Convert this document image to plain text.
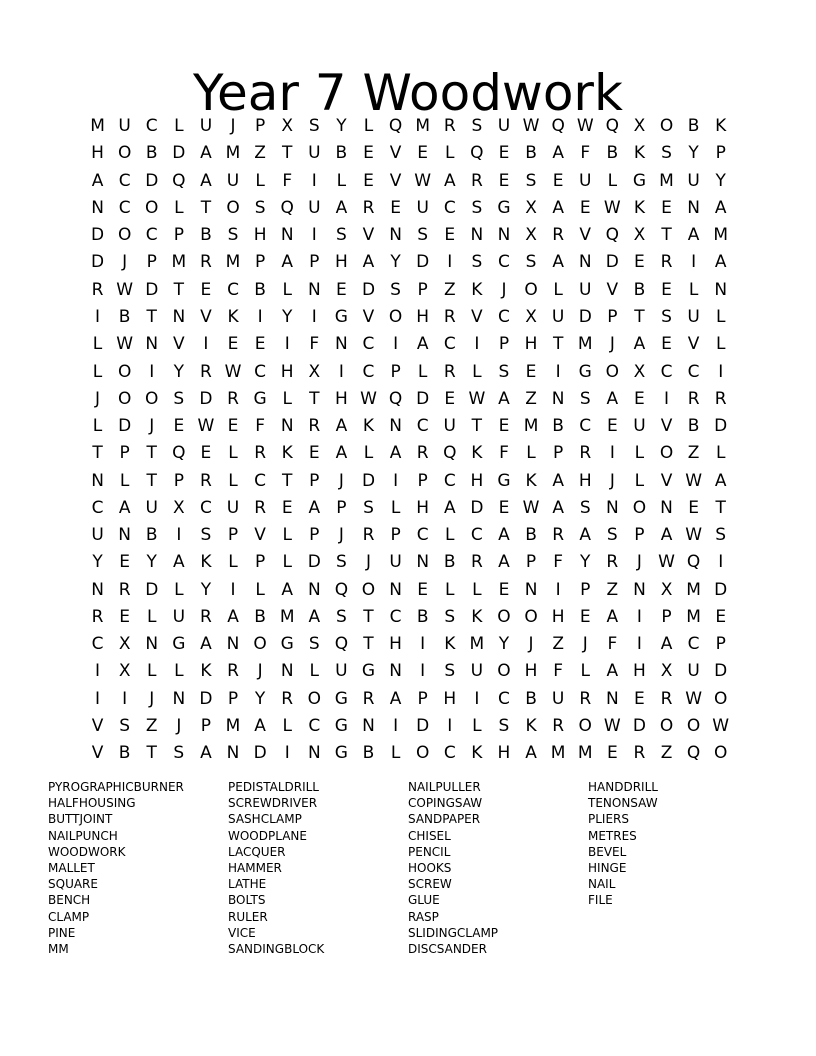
Year 7 Woodwork
M U C L U	J	P X S Y	L Q M R S U W Q W Q X O B K
H O B D A M Z T U B E V E L Q E B A F B K S Y P
A C D Q A U L	F	I	L E V W A R E S E U L G M U Y
N C O L	T O S Q U A R E U C S G X A E W K E N A
D O C P B S H N	I	S V N S E N N X R V Q X T A M
D	J	P M R M P A P H A Y D	I	S C S A N D E R	I	A
R W D T E C B L N E D S P Z K	J	O L U V B E L N
I	B T N V K	I	Y	I	G V O H R V C X U D P T S U L
L W N V	I	E E	I	F N C	I	A C	I	P H T M	J	A E V L
L O	I	Y R W C H X	I	C P	L R L S E	I	G O X C C	I
J	O O S D R G L	T H W Q D E W A Z N S A E	I	R R
L D	J	E W E F N R A K N C U T E M B C E U V B D
T P T Q E L R K E A L A R Q K F	L	P R	I	L O Z L
N L	T P R L C T P	J	D	I	P C H G K A H	J	L V W A
C A U X C U R E A P S L H A D E W A S N O N E T
U N B	I	S P V L	P	J	R P C L C A B R A S P A W S
Y E Y A K L	P	L D S	J	U N B R A P	F	Y R	J W Q	I
N R D L	Y	I	L A N Q O N E L	L E N	I	P Z N X M D
R E L U R A B M A S T C B S K O O H E A	I	P M E
C X N G A N O G S Q T H	I	K M Y	J	Z	J	F	I	A C P
I	X L	L K R	J	N L U G N	I	S U O H F	L A H X U D
I	I	J	N D P Y R O G R A P H	I	C B U R N E R W O
V S Z	J	P M A L C G N	I	D	I	L S K R O W D O O W
V B T S A N D	I	N G B L O C K H A M M E R Z Q O
PYROGRAPHICBURNER
HALFHOUSING
BUTTJOINT
NAILPUNCH
WOODWORK
MALLET
SQUARE
BENCH
CLAMP
PINE
MM
PEDISTALDRILL
SCREWDRIVER
SASHCLAMP
WOODPLANE
LACQUER
HAMMER
LATHE
BOLTS
RULER
VICE
SANDINGBLOCK
NAILPULLER
COPINGSAW
SANDPAPER
CHISEL
PENCIL
HOOKS
SCREW
GLUE
RASP
SLIDINGCLAMP
DISCSANDER
HANDDRILL
TENONSAW
PLIERS
METRES
BEVEL
HINGE
NAIL
FILE
